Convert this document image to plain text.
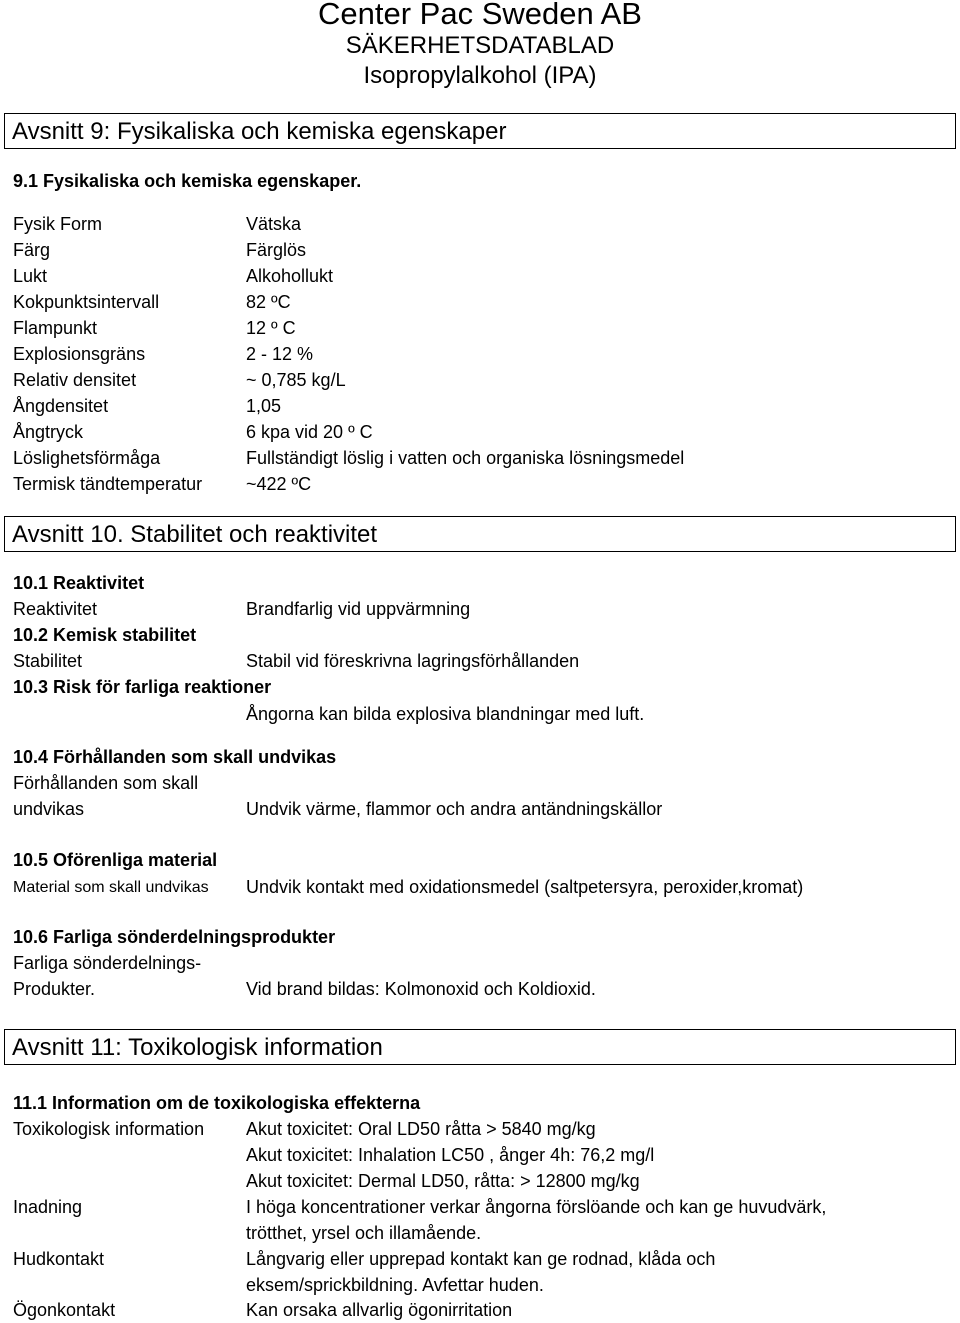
Center Pac Sweden AB
SÄKERHETSDATABLAD
Isopropylalkohol (IPA)
Avsnitt 9: Fysikaliska och kemiska egenskaper
9.1 Fysikaliska och kemiska egenskaper.
Fysik Form	Vätska
Färg	Färglös
Lukt	Alkohollukt
Kokpunktsintervall	82 ºC
Flampunkt	12 º C
Explosionsgräns	2 - 12 %
Relativ densitet	~ 0,785 kg/L
Ångdensitet	1,05
Ångtryck	6 kpa vid 20 º C
Löslighetsförmåga	Fullständigt löslig i vatten och organiska lösningsmedel
Termisk tändtemperatur ~422 ºC
Avsnitt 10. Stabilitet och reaktivitet
10.1 Reaktivitet
Reaktivitet	Brandfarlig vid uppvärmning
10.2 Kemisk stabilitet
Stabilitet	Stabil vid föreskrivna lagringsförhållanden
10.3 Risk för farliga reaktioner
Ångorna kan bilda explosiva blandningar med luft.
10.4 Förhållanden som skall undvikas
Förhållanden som skall
undvikas	Undvik värme, flammor och andra antändningskällor
10.5 Oförenliga material
Material som skall undvikas Undvik kontakt med oxidationsmedel (saltpetersyra, peroxider,kromat)
10.6 Farliga sönderdelningsprodukter
Farliga sönderdelnings-
Produkter.	Vid brand bildas: Kolmonoxid och Koldioxid.
Avsnitt 11: Toxikologisk information
11.1 Information om de toxikologiska effekterna
Toxikologisk information Akut toxicitet: Oral LD50 råtta > 5840 mg/kg
Akut toxicitet: Inhalation LC50 , ånger 4h: 76,2 mg/l
Akut toxicitet: Dermal LD50, råtta: > 12800 mg/kg
Inadning	I höga koncentrationer verkar ångorna förslöande och kan ge huvudvärk,
trötthet, yrsel och illamående.
Hudkontakt	Långvarig eller upprepad kontakt kan ge rodnad, klåda och
eksem/sprickbildning. Avfettar huden.
Ögonkontakt	Kan orsaka allvarlig ögonirritation
